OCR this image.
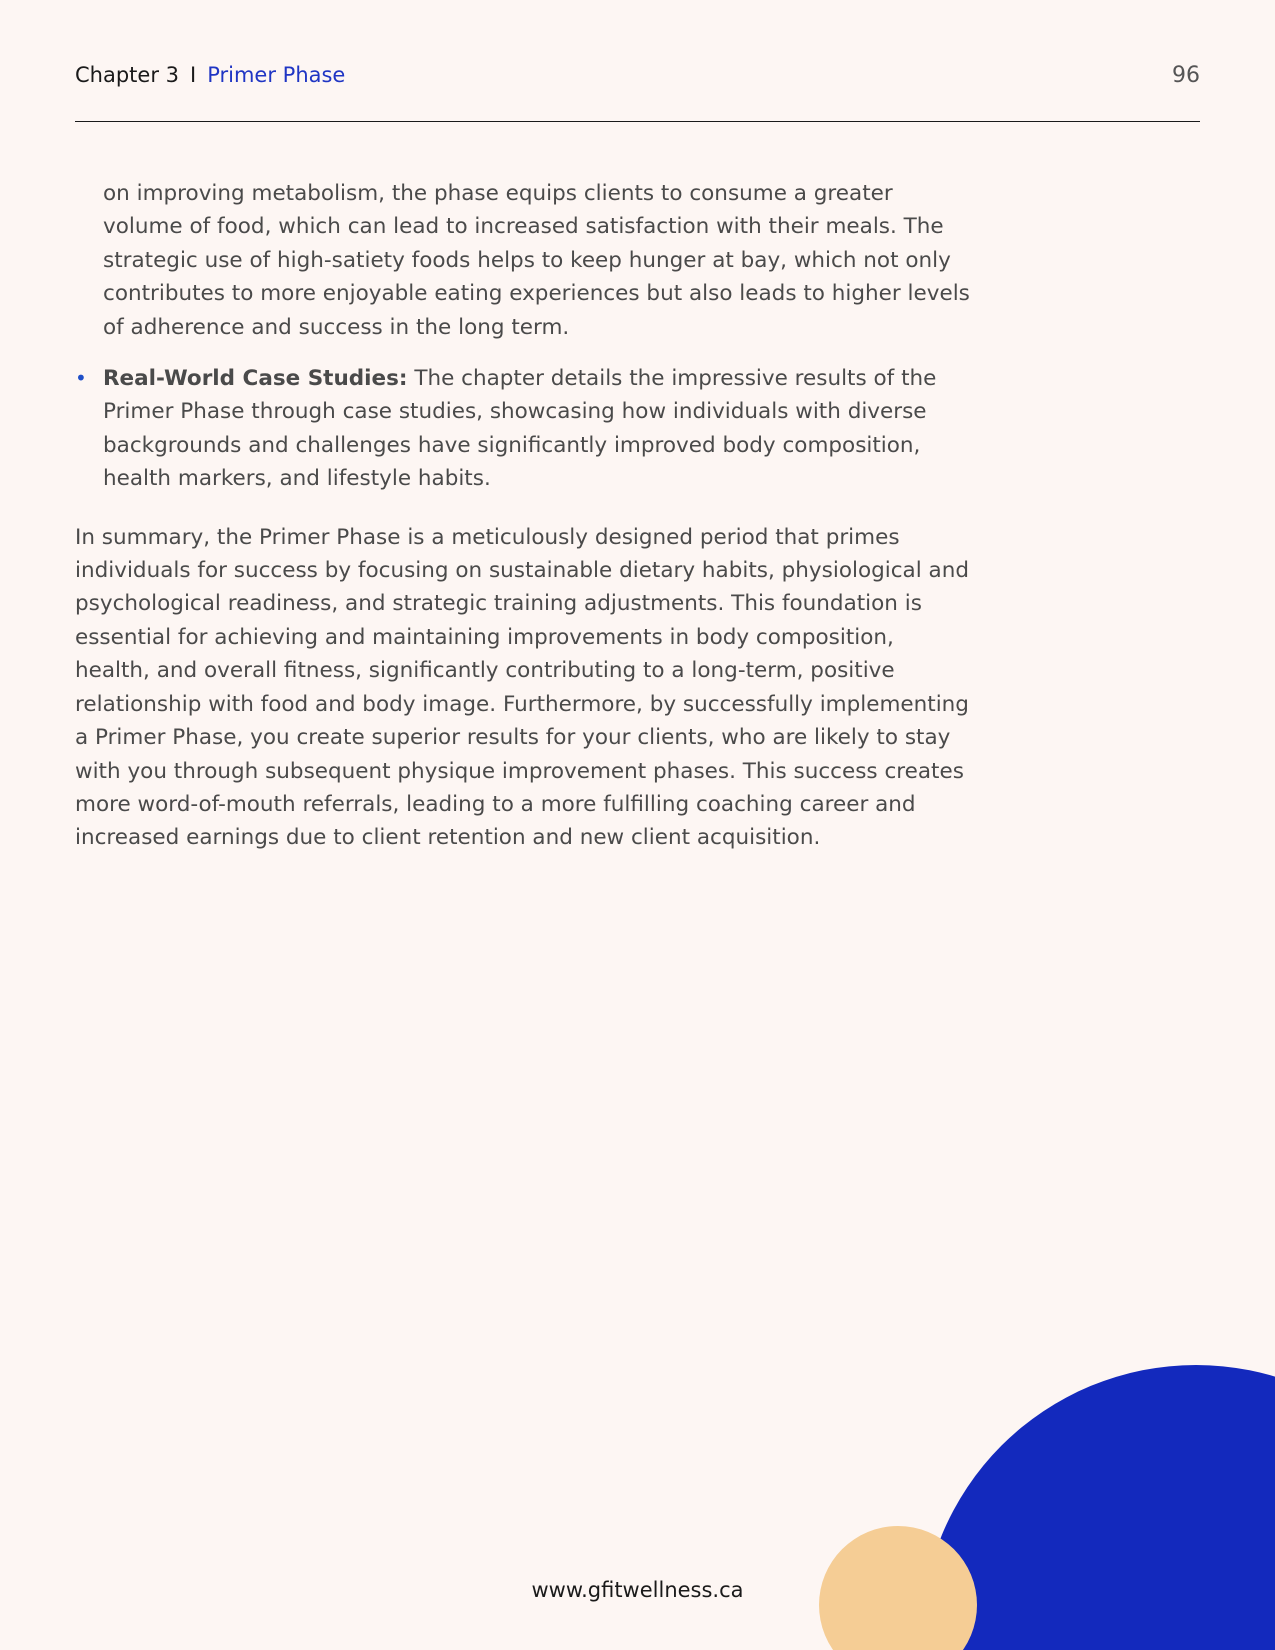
Chapter 3 I Primer Phase	96

on improving metabolism, the phase equips clients to consume a greater volume of food, which can lead to increased satisfaction with their meals. The strategic use of high-satiety foods helps to keep hunger at bay, which not only contributes to more enjoyable eating experiences but also leads to higher levels of adherence and success in the long term.

• Real-World Case Studies: The chapter details the impressive results of the Primer Phase through case studies, showcasing how individuals with diverse backgrounds and challenges have significantly improved body composition, health markers, and lifestyle habits.

In summary, the Primer Phase is a meticulously designed period that primes individuals for success by focusing on sustainable dietary habits, physiological and psychological readiness, and strategic training adjustments. This foundation is essential for achieving and maintaining improvements in body composition, health, and overall fitness, significantly contributing to a long-term, positive relationship with food and body image. Furthermore, by successfully implementing a Primer Phase, you create superior results for your clients, who are likely to stay with you through subsequent physique improvement phases. This success creates more word-of-mouth referrals, leading to a more fulfilling coaching career and increased earnings due to client retention and new client acquisition.

www.gfitwellness.ca
